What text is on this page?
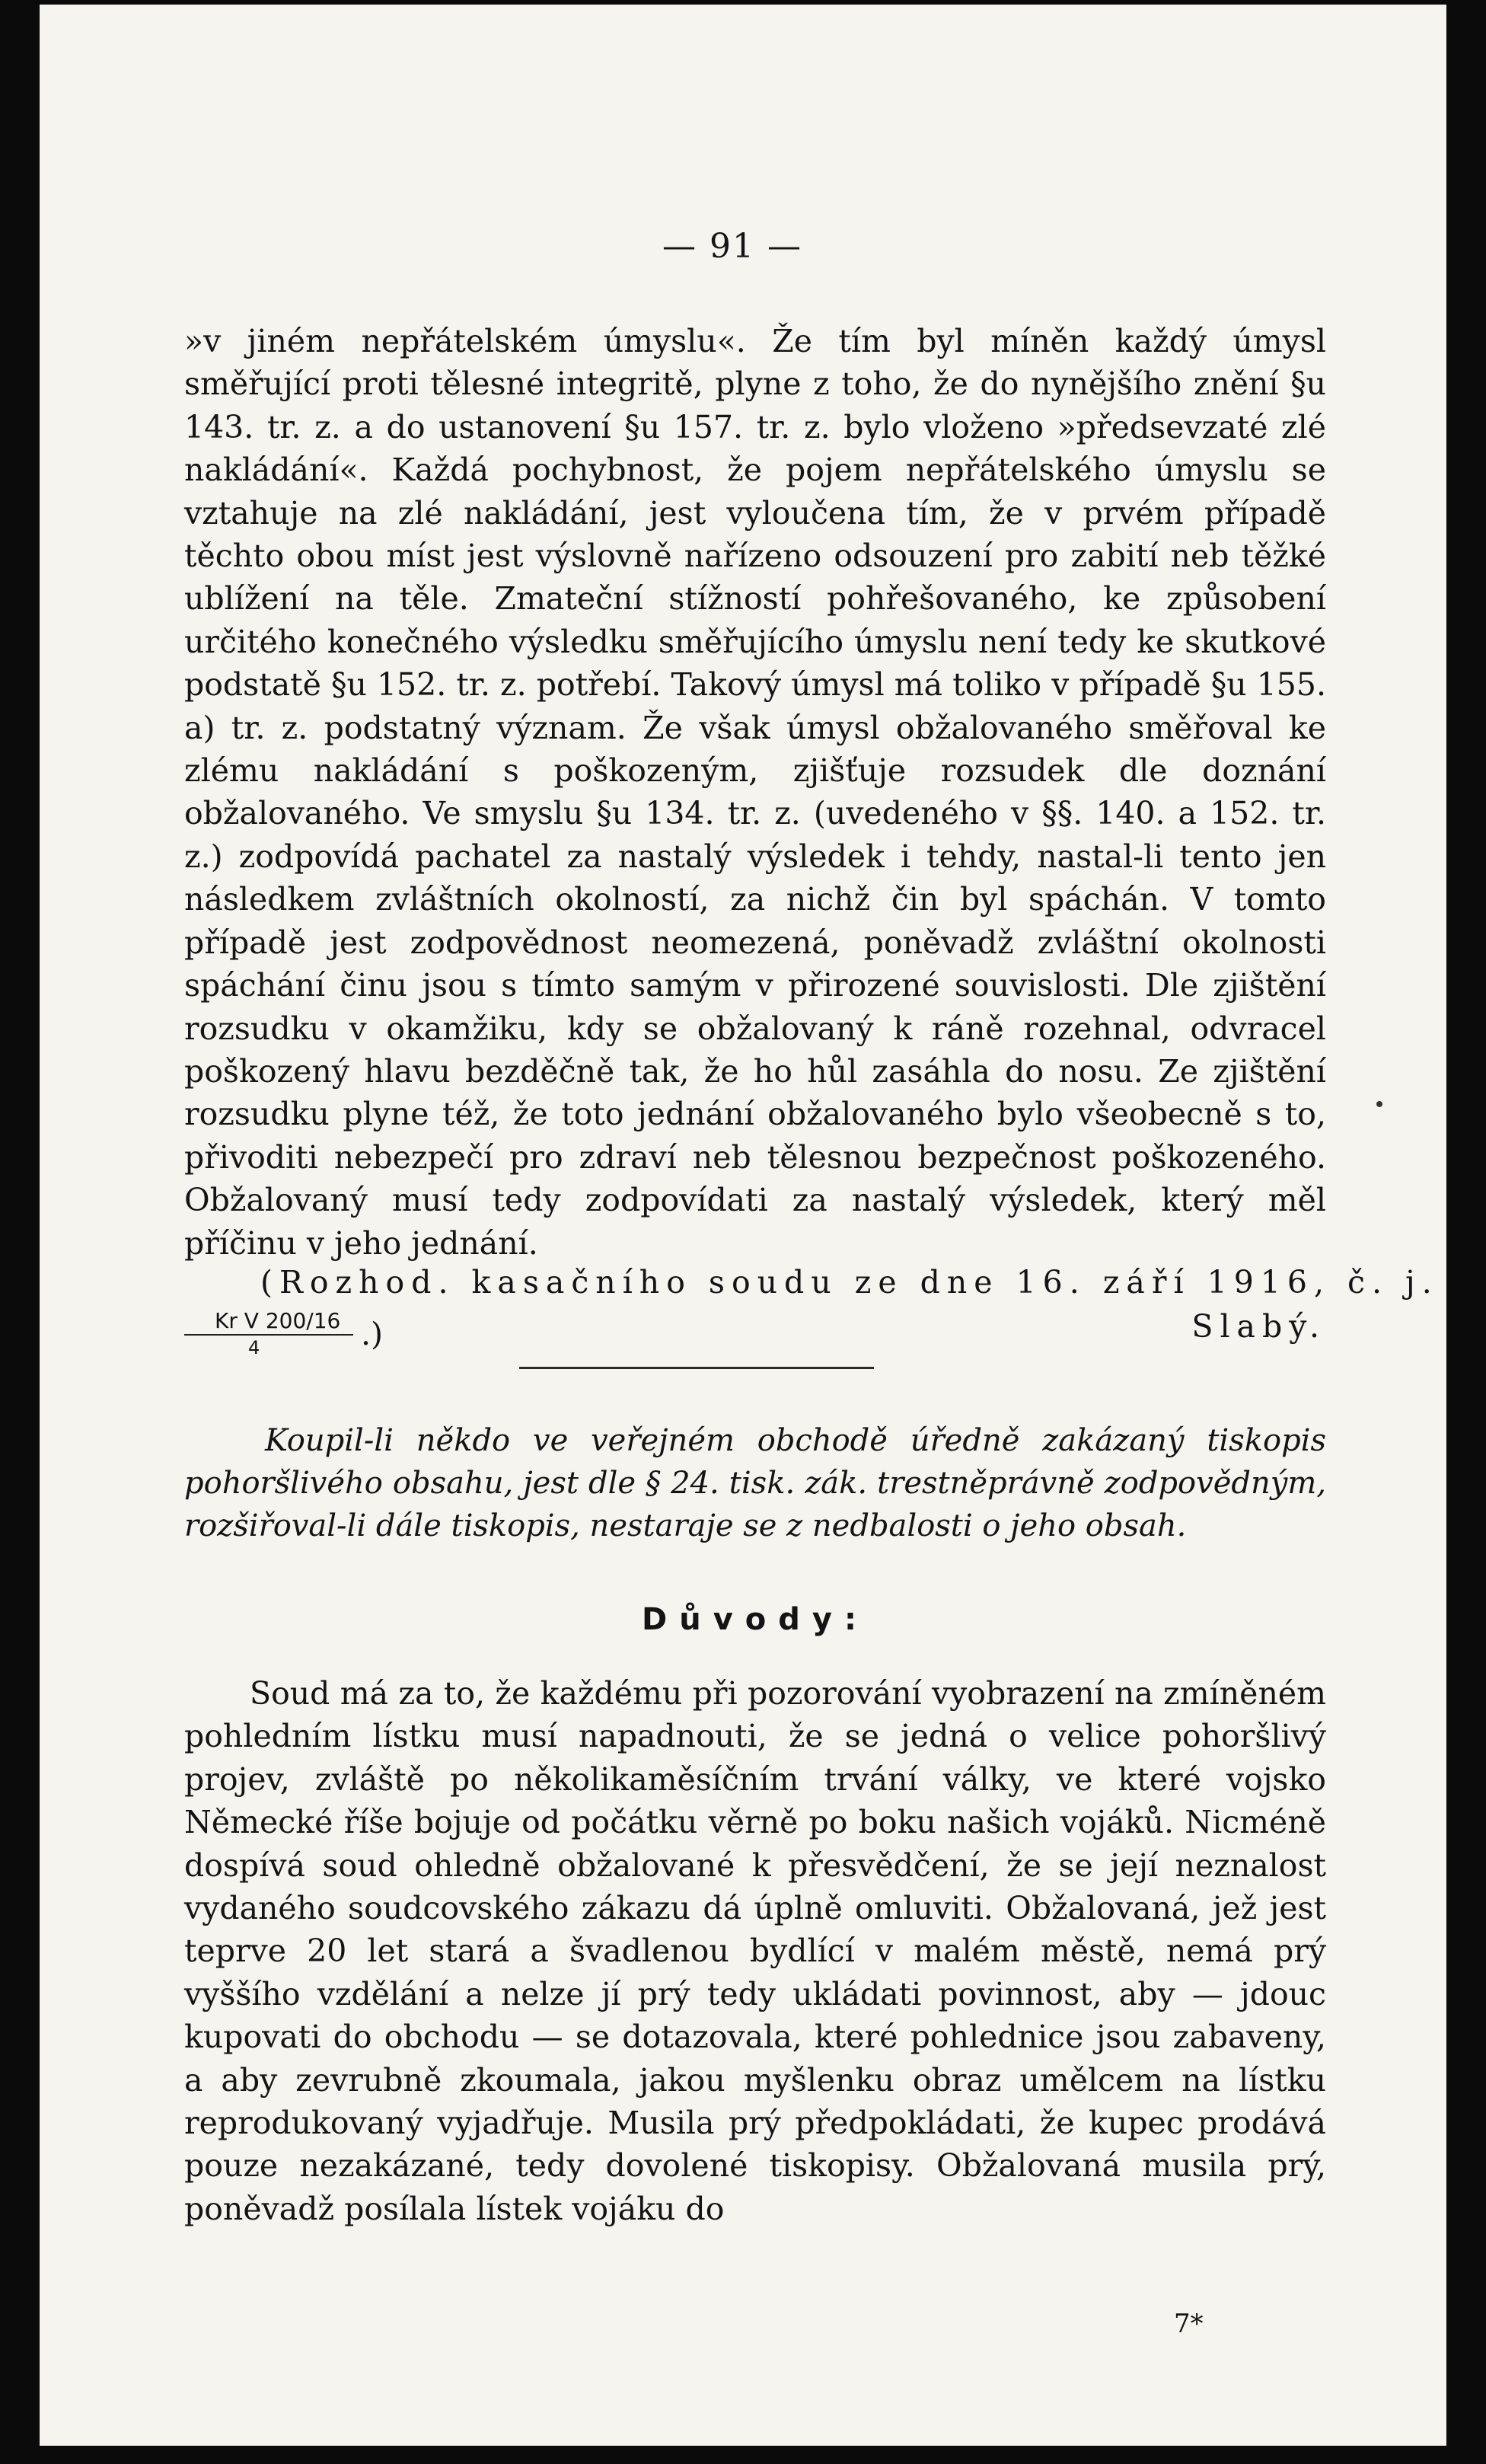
— 91 —

»v jiném nepřátelském úmyslu«. Že tím byl míněn každý úmysl směřující proti tělesné integritě, plyne z toho, že do nynějšího znění §u 143. tr. z. a do ustanovení §u 157. tr. z. bylo vloženo »předsevzaté zlé nakládání«. Každá pochybnost, že pojem nepřátelského úmyslu se vztahuje na zlé nakládání, jest vyloučena tím, že v prvém případě těchto obou míst jest výslovně nařízeno odsouzení pro zabití neb těžké ublížení na těle. Zmateční stížností pohřešovaného, ke způsobení určitého konečného výsledku směřujícího úmyslu není tedy ke skutkové podstatě §u 152. tr. z. potřebí. Takový úmysl má toliko v případě §u 155. a) tr. z. podstatný význam. Že však úmysl obžalovaného směřoval ke zlému nakládání s poškozeným, zjišťuje rozsudek dle doznání obžalovaného. Ve smyslu §u 134. tr. z. (uvedeného v §§. 140. a 152. tr. z.) zodpovídá pachatel za nastalý výsledek i tehdy, nastal-li tento jen následkem zvláštních okolností, za nichž čin byl spáchán. V tomto případě jest zodpovědnost neomezená, poněvadž zvláštní okolnosti spáchání činu jsou s tímto samým v přirozené souvislosti. Dle zjištění rozsudku v okamžiku, kdy se obžalovaný k ráně rozehnal, odvracel poškozený hlavu bezděčně tak, že ho hůl zasáhla do nosu. Ze zjištění rozsudku plyne též, že toto jednání obžalovaného bylo všeobecně s to, přivoditi nebezpečí pro zdraví neb tělesnou bezpečnost poškozeného. Obžalovaný musí tedy zodpovídati za nastalý výsledek, který měl příčinu v jeho jednání.

(Rozhod. kasačního soudu ze dne 16. září 1916, č. j.
Kr V 200/16
4	.)	Slabý.

Koupil-li někdo ve veřejném obchodě úředně zakázaný tiskopis pohoršlivého obsahu, jest dle § 24. tisk. zák. trestněprávně zodpovědným, rozšiřoval-li dále tiskopis, nestaraje se z nedbalosti o jeho obsah.

Důvody:

Soud má za to, že každému při pozorování vyobrazení na zmíněném pohledním lístku musí napadnouti, že se jedná o velice pohoršlivý projev, zvláště po několikaměsíčním trvání války, ve které vojsko Německé říše bojuje od počátku věrně po boku našich vojáků. Nicméně dospívá soud ohledně obžalované k přesvědčení, že se její neznalost vydaného soudcovského zákazu dá úplně omluviti. Obžalovaná, jež jest teprve 20 let stará a švadlenou bydlící v malém městě, nemá prý vyššího vzdělání a nelze jí prý tedy ukládati povinnost, aby — jdouc kupovati do obchodu — se dotazovala, které pohlednice jsou zabaveny, a aby zevrubně zkoumala, jakou myšlenku obraz umělcem na lístku reprodukovaný vyjadřuje. Musila prý předpokládati, že kupec prodává pouze nezakázané, tedy dovolené tiskopisy. Obžalovaná musila prý, poněvadž posílala lístek vojáku do

7*
